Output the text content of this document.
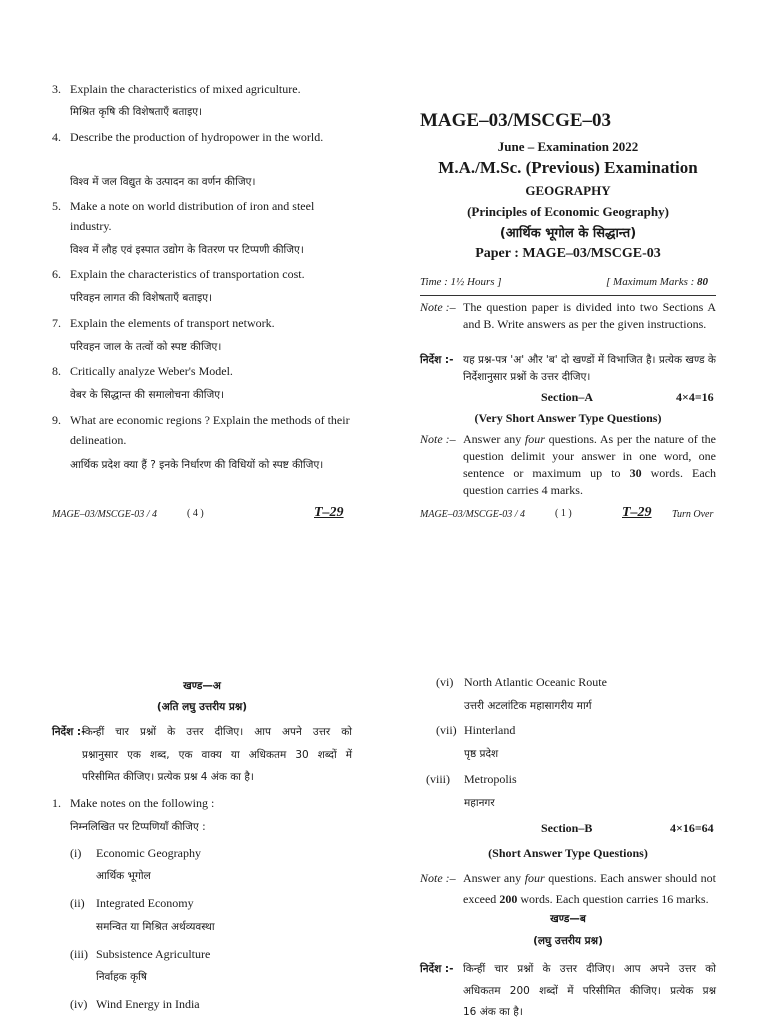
3. Explain the characteristics of mixed agriculture.
मिश्रित कृषि की विशेषताएँ बताइए।
4. Describe the production of hydropower in the world.
विश्व में जल विद्युत के उत्पादन का वर्णन कीजिए।
5. Make a note on world distribution of iron and steel industry.
विश्व में लौह एवं इस्पात उद्योग के वितरण पर टिप्पणी कीजिए।
6. Explain the characteristics of transportation cost.
परिवहन लागत की विशेषताएँ बताइए।
7. Explain the elements of transport network.
परिवहन जाल के तत्वों को स्पष्ट कीजिए।
8. Critically analyze Weber's Model.
वेबर के सिद्धान्त की समालोचना कीजिए।
9. What are economic regions ? Explain the methods of their delineation.
आर्थिक प्रदेश क्या हैं ? इनके निर्धारण की विधियों को स्पष्ट कीजिए।
MAGE–03/MSCGE-03 / 4	( 4 )	T–29
MAGE–03/MSCGE–03
June – Examination 2022
M.A./M.Sc. (Previous) Examination
GEOGRAPHY
(Principles of Economic Geography)
(आर्थिक भूगोल के सिद्धान्त)
Paper : MAGE–03/MSCGE-03
Time : 1½ Hours ]	[ Maximum Marks : 80
Note :– The question paper is divided into two Sections A and B. Write answers as per the given instructions.
निर्देश :- यह प्रश्न-पत्र 'अ' और 'ब' दो खण्डों में विभाजित है। प्रत्येक खण्ड के निर्देशानुसार प्रश्नों के उत्तर दीजिए।
Section–A	4×4=16
(Very Short Answer Type Questions)
Note :– Answer any four questions. As per the nature of the question delimit your answer in one word, one sentence or maximum up to 30 words. Each question carries 4 marks.
MAGE–03/MSCGE-03 / 4	( 1 )	T–29 Turn Over
खण्ड—अ
(अति लघु उत्तरीय प्रश्न)
निर्देश :-
किन्हीं चार प्रश्नों के उत्तर दीजिए। आप अपने उत्तर को
प्रश्नानुसार एक शब्द, एक वाक्य या अधिकतम 30 शब्दों में
परिसीमित कीजिए। प्रत्येक प्रश्न 4 अंक का है।
1. Make notes on the following :
निम्नलिखित पर टिप्पणियाँ कीजिए :
(i) Economic Geography
आर्थिक भूगोल
(ii) Integrated Economy
समन्वित या मिश्रित अर्थव्यवस्था
(iii) Subsistence Agriculture
निर्वाहक कृषि
(iv) Wind Energy in India
(vi) North Atlantic Oceanic Route
उत्तरी अटलांटिक महासागरीय मार्ग
(vii) Hinterland
पृष्ठ प्रदेश
(viii) Metropolis
महानगर
Section–B	4×16=64
(Short Answer Type Questions)
Note :– Answer any four questions. Each answer should not exceed 200 words. Each question carries 16 marks.
खण्ड—ब
(लघु उत्तरीय प्रश्न)
निर्देश :- किन्हीं चार प्रश्नों के उत्तर दीजिए। आप अपने उत्तर को
अधिकतम 200 शब्दों में परिसीमित कीजिए। प्रत्येक प्रश्न
16 अंक का है।
